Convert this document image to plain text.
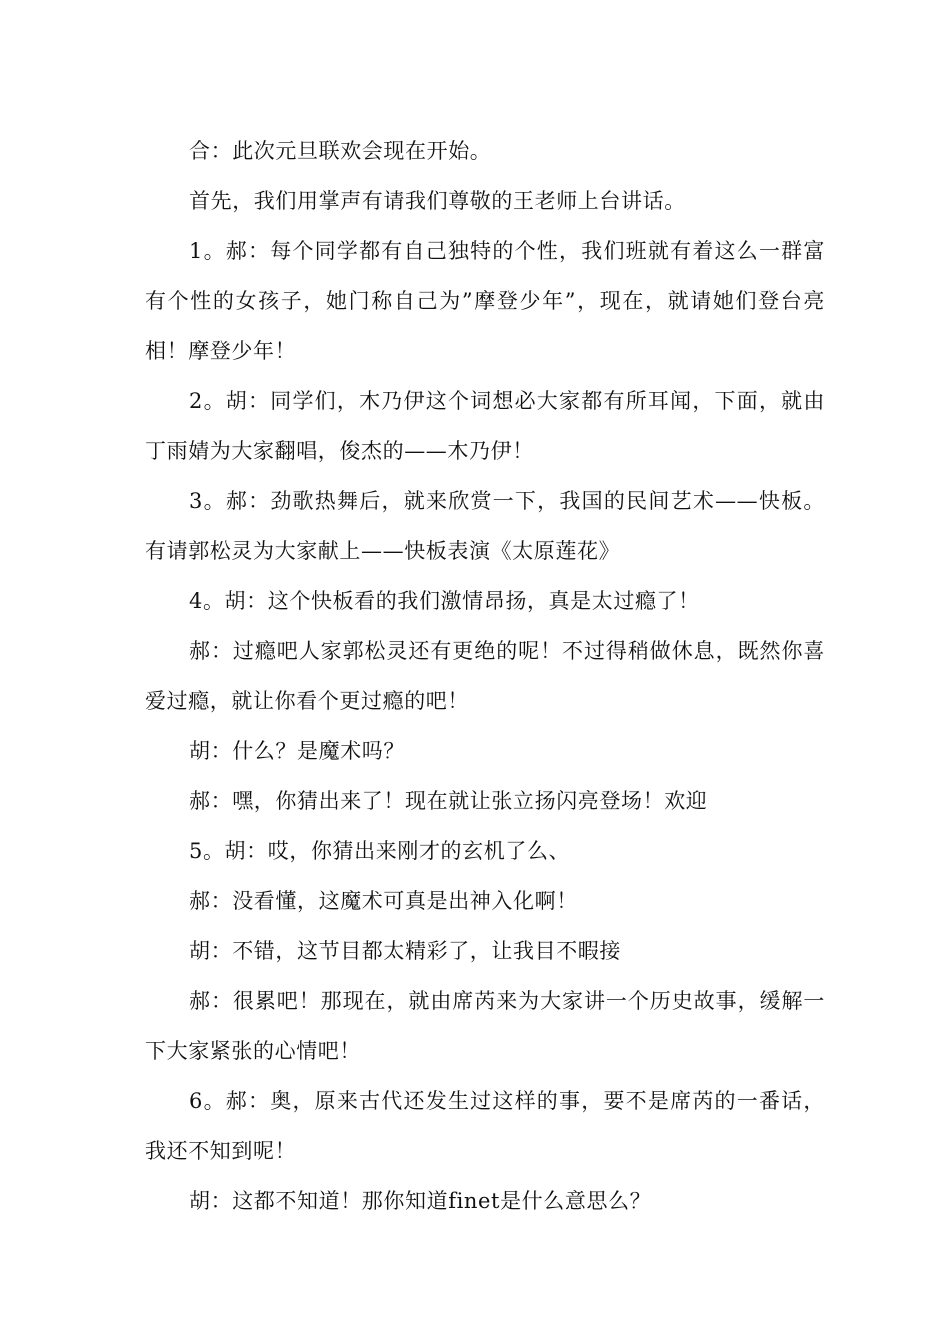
合：此次元旦联欢会现在开始。

首先，我们用掌声有请我们尊敬的王老师上台讲话。

1。郝：每个同学都有自己独特的个性，我们班就有着这么一群富有个性的女孩子，她门称自己为”摩登少年”，现在，就请她们登台亮相！摩登少年！

2。胡：同学们，木乃伊这个词想必大家都有所耳闻，下面，就由丁雨婧为大家翻唱，俊杰的——木乃伊！

3。郝：劲歌热舞后，就来欣赏一下，我国的民间艺术——快板。有请郭松灵为大家献上——快板表演《太原莲花》

4。胡：这个快板看的我们激情昂扬，真是太过瘾了！

郝：过瘾吧人家郭松灵还有更绝的呢！不过得稍做休息，既然你喜爱过瘾，就让你看个更过瘾的吧！

胡：什么？是魔术吗？

郝：嘿，你猜出来了！现在就让张立扬闪亮登场！欢迎

5。胡：哎，你猜出来刚才的玄机了么、

郝：没看懂，这魔术可真是出神入化啊！

胡：不错，这节目都太精彩了，让我目不暇接

郝：很累吧！那现在，就由席芮来为大家讲一个历史故事，缓解一下大家紧张的心情吧！

6。郝：奥，原来古代还发生过这样的事，要不是席芮的一番话，我还不知到呢！

胡：这都不知道！那你知道finet是什么意思么？
